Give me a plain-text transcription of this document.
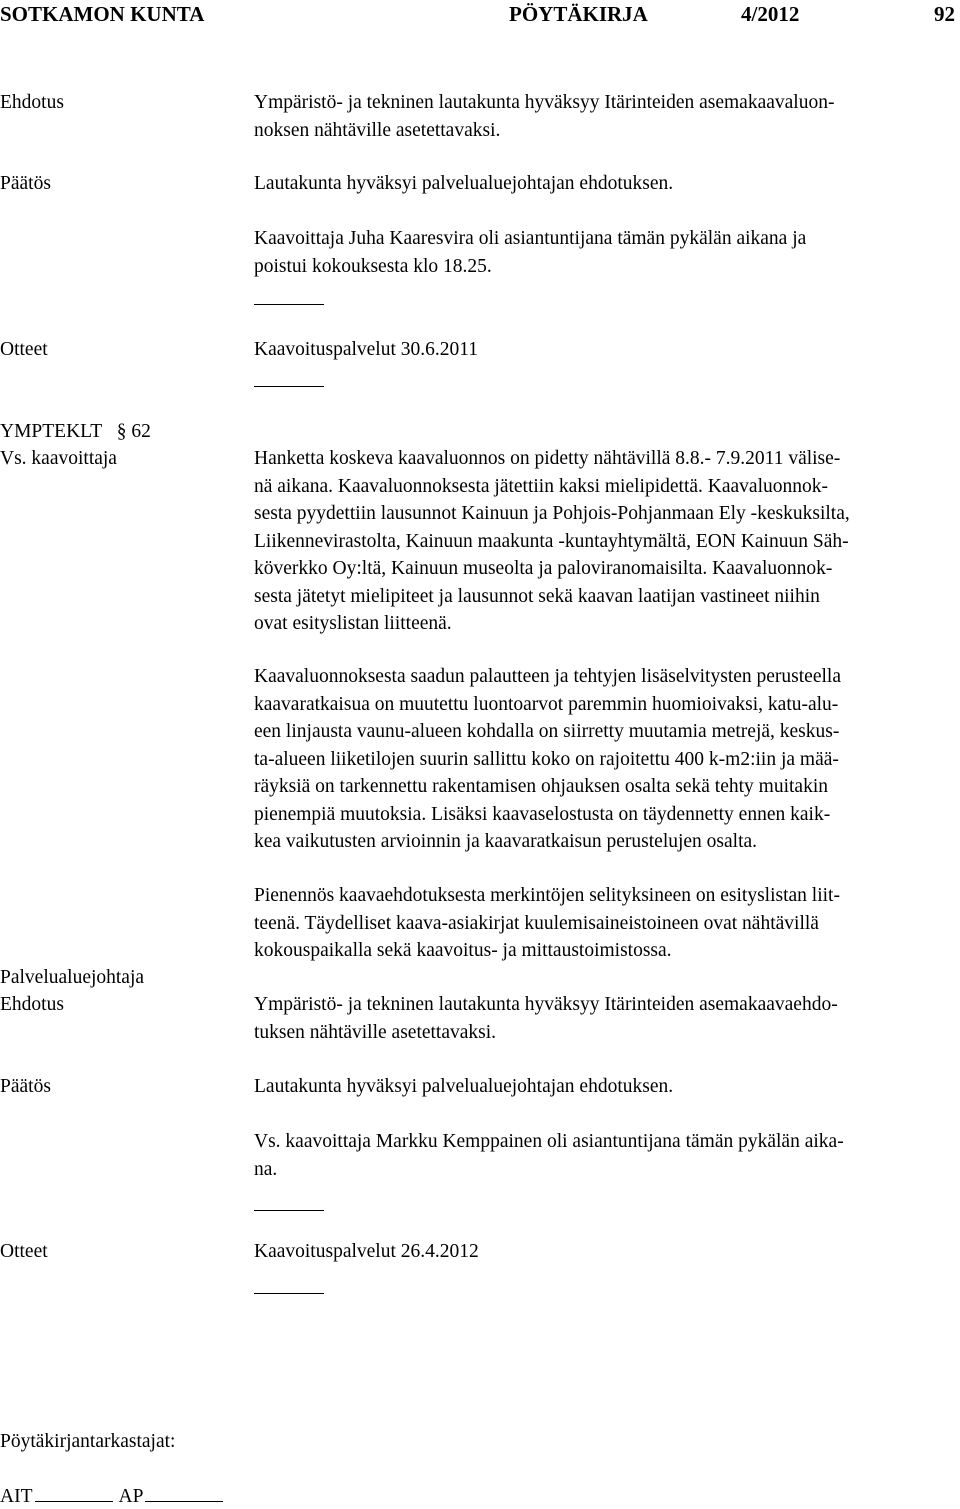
SOTKAMON KUNTA	PÖYTÄKIRJA	4/2012	92
Ehdotus	Ympäristö- ja tekninen lautakunta hyväksyy Itärinteiden asemakaavaluon-
noksen nähtäville asetettavaksi.
Päätös	Lautakunta hyväksyi palvelualuejohtajan ehdotuksen.
Kaavoittaja Juha Kaaresvira oli asiantuntijana tämän pykälän aikana ja
poistui kokouksesta klo 18.25.
Otteet	Kaavoituspalvelut 30.6.2011
YMPTEKLT § 62
Vs. kaavoittaja	Hanketta koskeva kaavaluonnos on pidetty nähtävillä 8.8.- 7.9.2011 välise-
nä aikana. Kaavaluonnoksesta jätettiin kaksi mielipidettä. Kaavaluonnok-
sesta pyydettiin lausunnot Kainuun ja Pohjois-Pohjanmaan Ely -keskuksilta,
Liikennevirastolta, Kainuun maakunta -kuntayhtymältä, EON Kainuun Säh-
köverkko Oy:ltä, Kainuun museolta ja paloviranomaisilta. Kaavaluonnok-
sesta jätetyt mielipiteet ja lausunnot sekä kaavan laatijan vastineet niihin
ovat esityslistan liitteenä.
Kaavaluonnoksesta saadun palautteen ja tehtyjen lisäselvitysten perusteella
kaavaratkaisua on muutettu luontoarvot paremmin huomioivaksi, katu-alu-
een linjausta vaunu-alueen kohdalla on siirretty muutamia metrejä, keskus-
ta-alueen liiketilojen suurin sallittu koko on rajoitettu 400 k-m2:iin ja mää-
räyksiä on tarkennettu rakentamisen ohjauksen osalta sekä tehty muitakin
pienempiä muutoksia. Lisäksi kaavaselostusta on täydennetty ennen kaik-
kea vaikutusten arvioinnin ja kaavaratkaisun perustelujen osalta.
Pienennös kaavaehdotuksesta merkintöjen selityksineen on esityslistan liit-
teenä. Täydelliset kaava-asiakirjat kuulemisaineistoineen ovat nähtävillä
kokouspaikalla sekä kaavoitus- ja mittaustoimistossa.
Palvelualuejohtaja
Ehdotus	Ympäristö- ja tekninen lautakunta hyväksyy Itärinteiden asemakaavaehdo-
tuksen nähtäville asetettavaksi.
Päätös	Lautakunta hyväksyi palvelualuejohtajan ehdotuksen.
Vs. kaavoittaja Markku Kemppainen oli asiantuntijana tämän pykälän aika-
na.
Otteet	Kaavoituspalvelut 26.4.2012
Pöytäkirjantarkastajat:
AIT	AP
